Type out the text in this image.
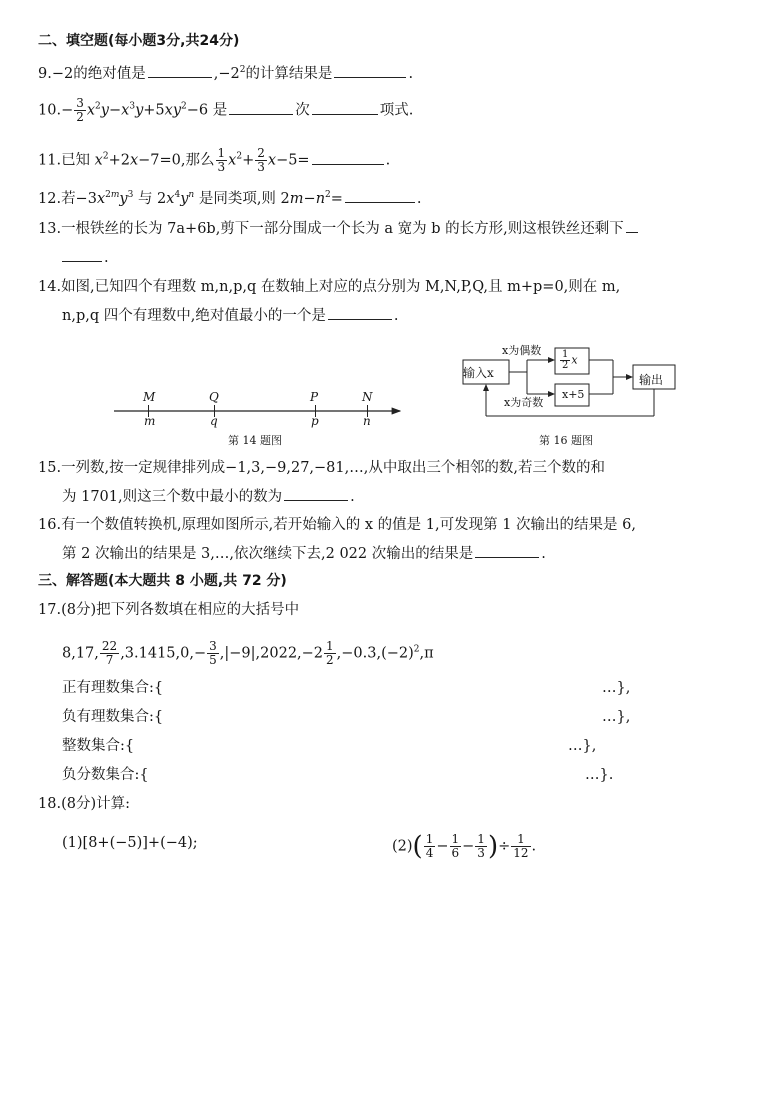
二、填空题(每小题3分,共24分)
9.−2的绝对值是	$,-2^2$的计算结果是	.
$10.- \frac{3}{2} x^2y-x^3y+5xy^2-6$ 是	次	项式.
11.已知 $x^2+2x-7=0$,那么 $\frac{1}{3} x^2+ \frac{2}{3} x-5=$	.
12.若$-3x^{2m}y^3$ 与 $2x^4y^n$ 是同类项,则 $2m-n^2=$	.
13.一根铁丝的长为 7a+6b,剪下一部分围成一个长为 a 宽为 b 的长方形,则这根铁丝还剩下
.
14.如图,已知四个有理数 m,n,p,q 在数轴上对应的点分别为 M,N,P,Q,且 m+p=0,则在 m,
n,p,q 四个有理数中,绝对值最小的一个是	.
M
m
Q
q
P
p
N
n
第 14 题图
输入x
x为偶数
x为奇数
$\frac{1}{2}$ x
x+5
输出
第 16 题图
15.一列数,按一定规律排列成−1,3,−9,27,−81,…,从中取出三个相邻的数,若三个数的和
为 1701,则这三个数中最小的数为	.
16.有一个数值转换机,原理如图所示,若开始输入的 x 的值是 1,可发现第 1 次输出的结果是 6,
第 2 次输出的结果是 3,…,依次继续下去,2 022 次输出的结果是	.
三、解答题(本大题共 8 小题,共 72 分)
17.(8分)把下列各数填在相应的大括号中
8,17, $\frac{22}{7} ,3.1415,0,- \frac{3}{5} ,|-9|,2022,-2 \frac{1}{2} ,-0.3,(-2)^2,\pi$
正有理数集合:{	…},
负有理数集合:{	…},
整数集合:{	…},
负分数集合:{	…}.
18.(8分)计算:
(1)[8+(−5)]+(−4);	$(2)( \frac{1}{4} - \frac{1}{6} - \frac{1}{3}$ )÷ $\frac{1}{12}$ .
